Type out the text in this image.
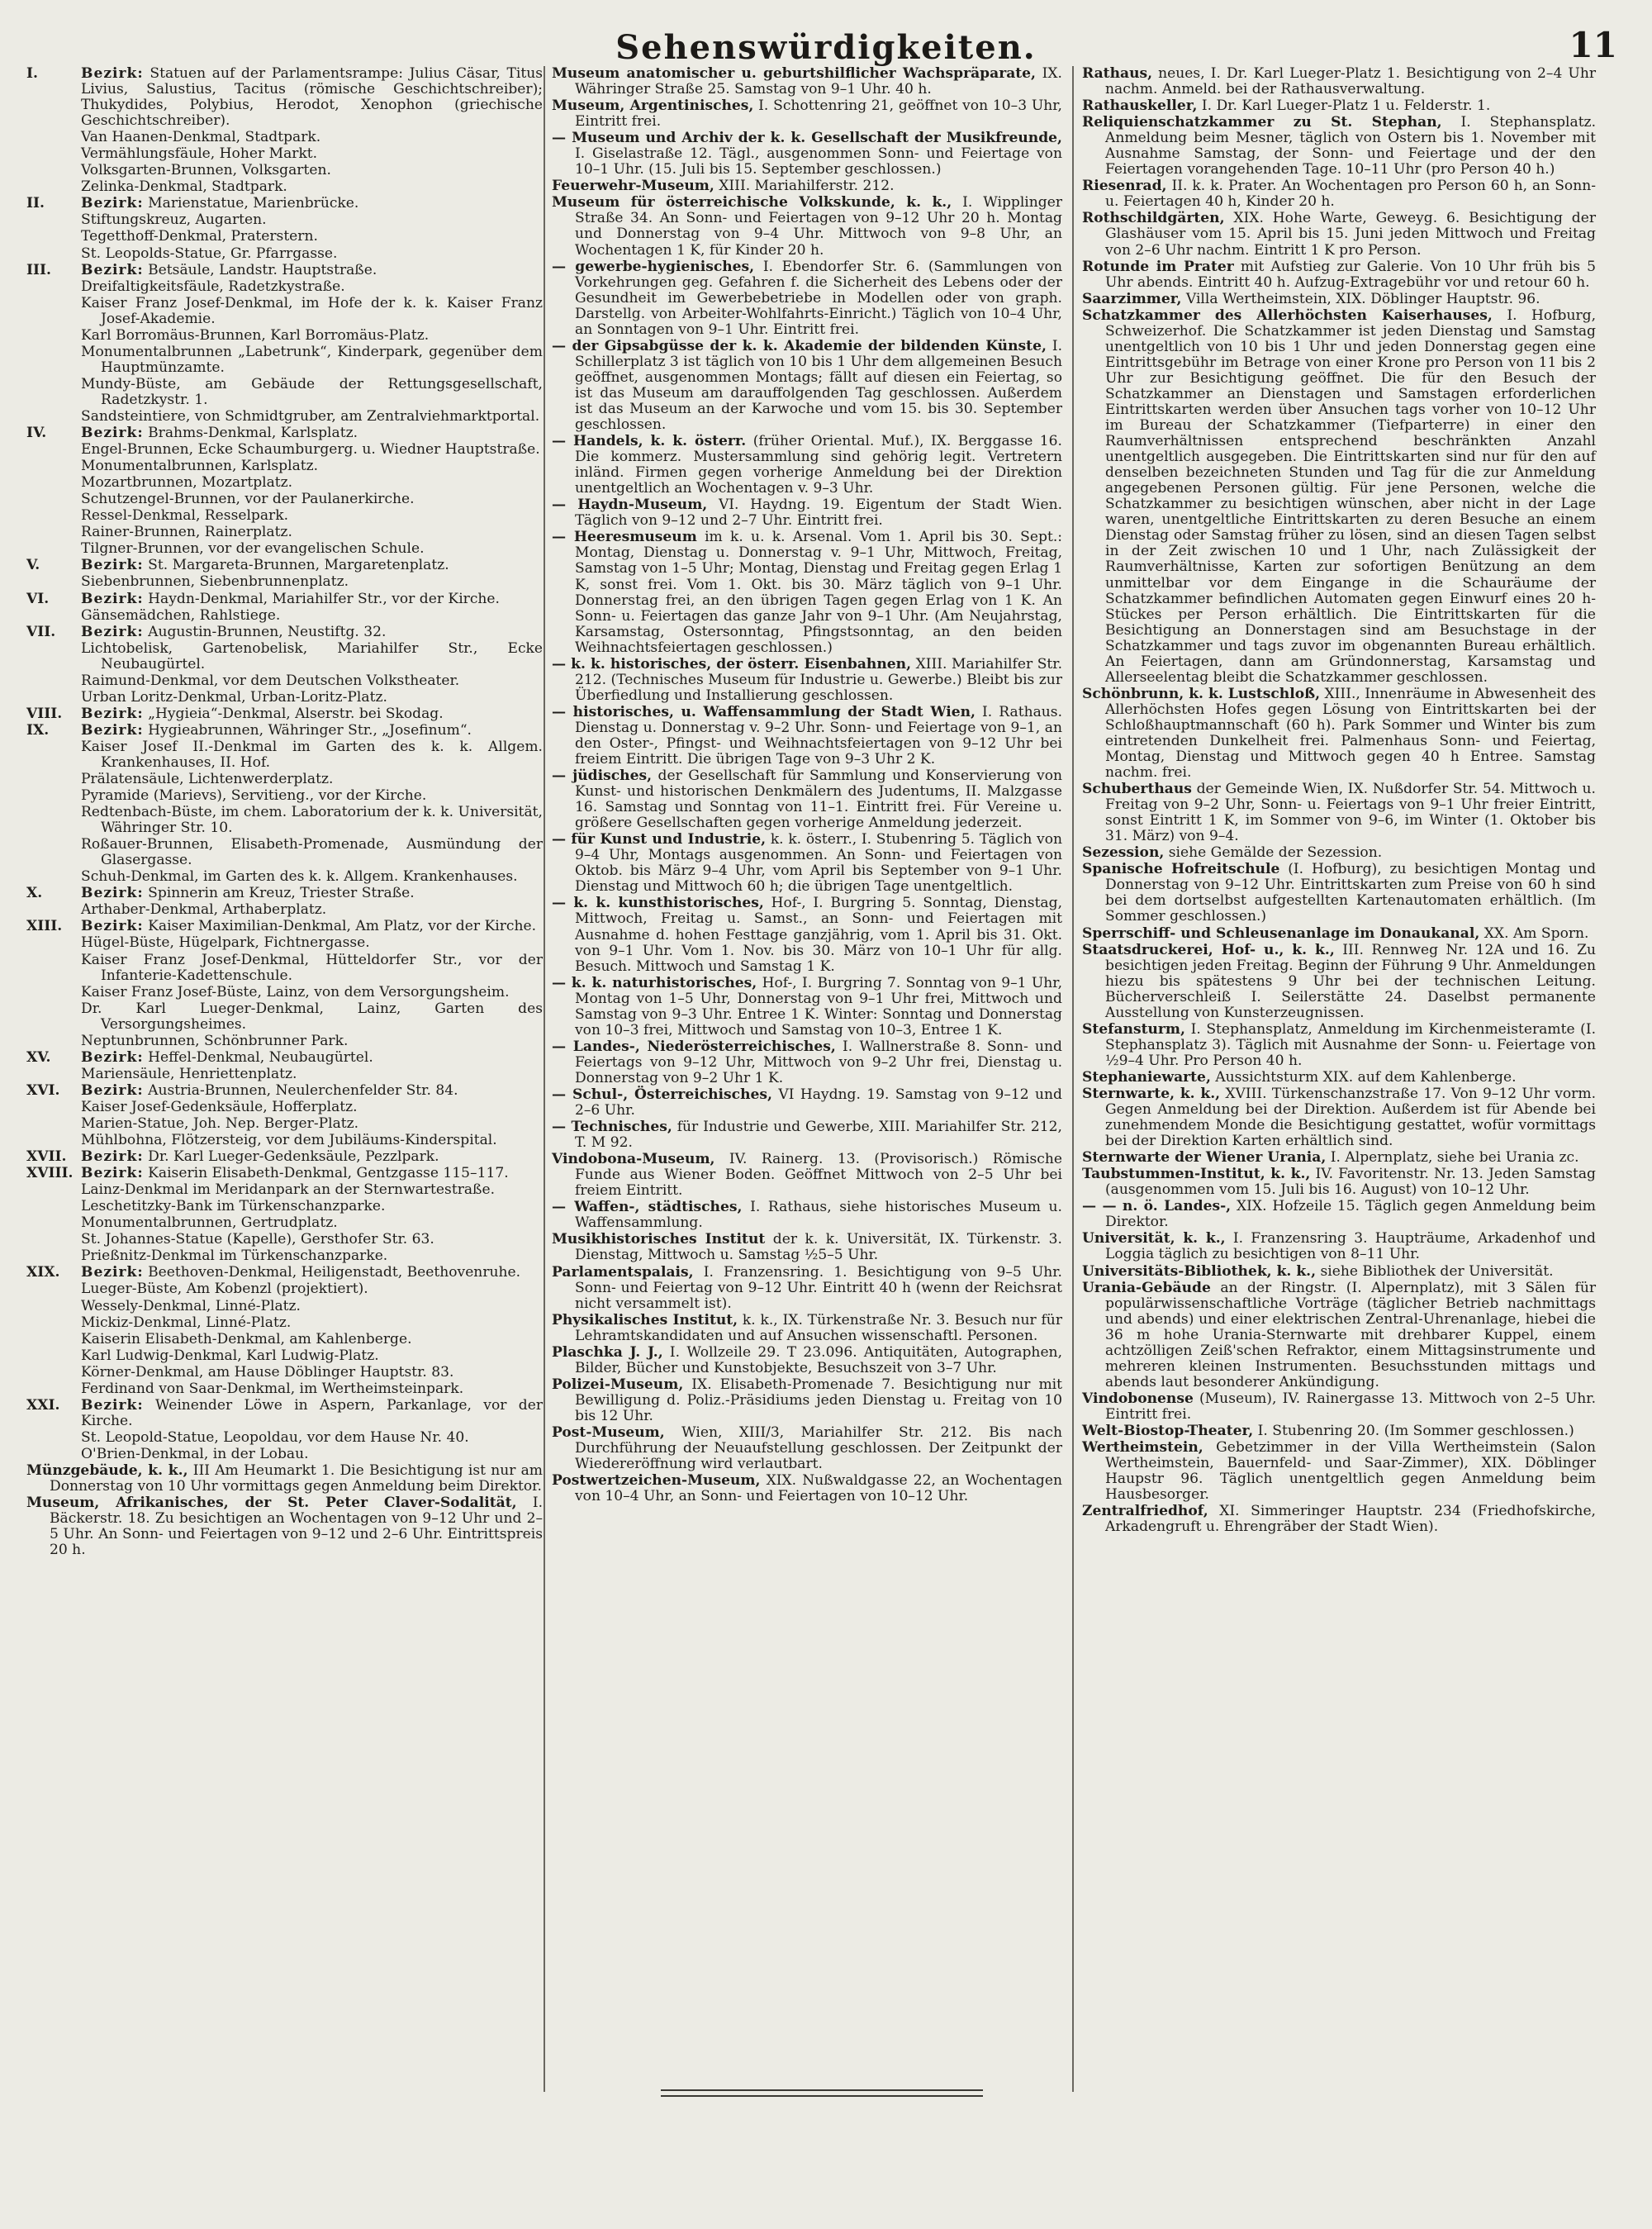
Sehenswürdigkeiten.	11
I.	Bezirk: Statuen auf der Parlamentsrampe: Julius Cäsar, Titus Livius, Salustius, Tacitus (römische Geschichtschreiber); Thukydides, Polybius, Herodot, Xenophon (griechische Geschichtschreiber).
Van Haanen-Denkmal, Stadtpark.
Vermählungsfäule, Hoher Markt.
Volksgarten-Brunnen, Volksgarten.
Zelinka-Denkmal, Stadtpark.
II.	Bezirk: Marienstatue, Marienbrücke.
Stiftungskreuz, Augarten.
Tegetthoff-Denkmal, Praterstern.
St. Leopolds-Statue, Gr. Pfarrgasse.
III. Bezirk: Betsäule, Landstr. Hauptstraße.
Dreifaltigkeitsfäule, Radetzkystraße.
Kaiser Franz Josef-Denkmal, im Hofe der k. k. Kaiser Franz Josef-Akademie.
Karl Borromäus-Brunnen, Karl Borromäus-Platz.
Monumentalbrunnen „Labetrunk“, Kinderpark, gegenüber dem Hauptmünzamte.
Mundy-Büste, am Gebäude der Rettungsgesellschaft, Radetzkystr. 1.
Sandsteintiere, von Schmidtgruber, am Zentralviehmarktportal.
IV. Bezirk: Brahms-Denkmal, Karlsplatz.
Engel-Brunnen, Ecke Schaumburgerg. u. Wiedner Hauptstraße.
Monumentalbrunnen, Karlsplatz.
Mozartbrunnen, Mozartplatz.
Schutzengel-Brunnen, vor der Paulanerkirche.
Ressel-Denkmal, Resselpark.
Rainer-Brunnen, Rainerplatz.
Tilgner-Brunnen, vor der evangelischen Schule.
V.	Bezirk: St. Margareta-Brunnen, Margaretenplatz.
Siebenbrunnen, Siebenbrunnenplatz.
VI. Bezirk: Haydn-Denkmal, Mariahilfer Str., vor der Kirche.
Gänsemädchen, Rahlstiege.
VII. Bezirk: Augustin-Brunnen, Neustiftg. 32.
Lichtobelisk, Gartenobelisk, Mariahilfer Str., Ecke Neubaugürtel.
Raimund-Denkmal, vor dem Deutschen Volkstheater.
Urban Loritz-Denkmal, Urban-Loritz-Platz.
VIII. Bezirk: „Hygieia“-Denkmal, Alserstr. bei Skodag.
IX. Bezirk: Hygieabrunnen, Währinger Str., „Josefinum“.
Kaiser Josef II.-Denkmal im Garten des k. k. Allgem. Krankenhauses, II. Hof.
Prälatensäule, Lichtenwerderplatz.
Pyramide (Marievs), Servitieng., vor der Kirche.
Redtenbach-Büste, im chem. Laboratorium der k. k. Universität, Währinger Str. 10.
Roßauer-Brunnen, Elisabeth-Promenade, Ausmündung der Glasergasse.
Schuh-Denkmal, im Garten des k. k. Allgem. Krankenhauses.
X.	Bezirk: Spinnerin am Kreuz, Triester Straße.
Arthaber-Denkmal, Arthaberplatz.
XIII. Bezirk: Kaiser Maximilian-Denkmal, Am Platz, vor der Kirche.
Hügel-Büste, Hügelpark, Fichtnergasse.
Kaiser Franz Josef-Denkmal, Hütteldorfer Str., vor der Infanterie-Kadettenschule.
Kaiser Franz Josef-Büste, Lainz, von dem Versorgungsheim.
Dr. Karl Lueger-Denkmal, Lainz, Garten des Versorgungsheimes.
Neptunbrunnen, Schönbrunner Park.
XV. Bezirk: Heffel-Denkmal, Neubaugürtel.
Mariensäule, Henriettenplatz.
XVI. Bezirk: Austria-Brunnen, Neulerchenfelder Str. 84.
Kaiser Josef-Gedenksäule, Hofferplatz.
Marien-Statue, Joh. Nep. Berger-Platz.
Mühlbohna, Flötzersteig, vor dem Jubiläums-Kinderspital.
XVII. Bezirk: Dr. Karl Lueger-Gedenksäule, Pezzlpark.
XVIII. Bezirk: Kaiserin Elisabeth-Denkmal, Gentzgasse 115–117.
Lainz-Denkmal im Meridanpark an der Sternwartestraße.
Leschetitzky-Bank im Türkenschanzparke.
Monumentalbrunnen, Gertrudplatz.
St. Johannes-Statue (Kapelle), Gersthofer Str. 63.
Prießnitz-Denkmal im Türkenschanzparke.
XIX. Bezirk: Beethoven-Denkmal, Heiligenstadt, Beethovenruhe.
Lueger-Büste, Am Kobenzl (projektiert).
Wessely-Denkmal, Linné-Platz.
Mickiz-Denkmal, Linné-Platz.
Kaiserin Elisabeth-Denkmal, am Kahlenberge.
Karl Ludwig-Denkmal, Karl Ludwig-Platz.
Körner-Denkmal, am Hause Döblinger Hauptstr. 83.
Ferdinand von Saar-Denkmal, im Wertheimsteinpark.
XXI. Bezirk: Weinender Löwe in Aspern, Parkanlage, vor der Kirche.
St. Leopold-Statue, Leopoldau, vor dem Hause Nr. 40.
O'Brien-Denkmal, in der Lobau.
Münzgebäude, k. k., III Am Heumarkt 1. Die Besichtigung ist nur am Donnerstag von 10 Uhr vormittags gegen Anmeldung beim Direktor.
Museum, Afrikanisches, der St. Peter Claver-Sodalität, I. Bäckerstr. 18. Zu besichtigen an Wochentagen von 9–12 Uhr und 2–5 Uhr. An Sonn- und Feiertagen von 9–12 und 2–6 Uhr. Eintrittspreis 20 h.
Museum anatomischer u. geburtshilflicher Wachspräparate, IX. Währinger Straße 25. Samstag von 9–1 Uhr. 40 h.
Museum, Argentinisches, I. Schottenring 21, geöffnet von 10–3 Uhr, Eintritt frei.
— Museum und Archiv der k. k. Gesellschaft der Musikfreunde, I. Giselastraße 12. Tägl., ausgenommen Sonn- und Feiertage von 10–1 Uhr. (15. Juli bis 15. September geschlossen.)
Feuerwehr-Museum, XIII. Mariahilferstr. 212.
Museum für österreichische Volkskunde, k. k., I. Wipplinger Straße 34. An Sonn- und Feiertagen von 9–12 Uhr 20 h. Montag und Donnerstag von 9–4 Uhr. Mittwoch von 9–8 Uhr, an Wochentagen 1 K, für Kinder 20 h.
— gewerbe-hygienisches, I. Ebendorfer Str. 6. (Sammlungen von Vorkehrungen geg. Gefahren f. die Sicherheit des Lebens oder der Gesundheit im Gewerbebetriebe in Modellen oder von graph. Darstellg. von Arbeiter-Wohlfahrts-Einricht.) Täglich von 10–4 Uhr, an Sonntagen von 9–1 Uhr. Eintritt frei.
— der Gipsabgüsse der k. k. Akademie der bildenden Künste, I. Schillerplatz 3 ist täglich von 10 bis 1 Uhr dem allgemeinen Besuch geöffnet, ausgenommen Montags; fällt auf diesen ein Feiertag, so ist das Museum am darauffolgenden Tag geschlossen. Außerdem ist das Museum an der Karwoche und vom 15. bis 30. September geschlossen.
— Handels, k. k. österr. (früher Oriental. Muf.), IX. Berggasse 16. Die kommerz. Mustersammlung sind gehörig legit. Vertretern inländ. Firmen gegen vorherige Anmeldung bei der Direktion unentgeltlich an Wochentagen v. 9–3 Uhr.
— Haydn-Museum, VI. Haydng. 19. Eigentum der Stadt Wien. Täglich von 9–12 und 2–7 Uhr. Eintritt frei.
— Heeresmuseum im k. u. k. Arsenal. Vom 1. April bis 30. Sept.: Montag, Dienstag u. Donnerstag v. 9–1 Uhr, Mittwoch, Freitag, Samstag von 1–5 Uhr; Montag, Dienstag und Freitag gegen Erlag 1 K, sonst frei. Vom 1. Okt. bis 30. März täglich von 9–1 Uhr. Donnerstag frei, an den übrigen Tagen gegen Erlag von 1 K. An Sonn- u. Feiertagen das ganze Jahr von 9–1 Uhr. (Am Neujahrstag, Karsamstag, Ostersonntag, Pfingstsonntag, an den beiden Weihnachtsfeiertagen geschlossen.)
— k. k. historisches, der österr. Eisenbahnen, XIII. Mariahilfer Str. 212. (Technisches Museum für Industrie u. Gewerbe.) Bleibt bis zur Überfiedlung und Installierung geschlossen.
— historisches, u. Waffensammlung der Stadt Wien, I. Rathaus. Dienstag u. Donnerstag v. 9–2 Uhr. Sonn- und Feiertage von 9–1, an den Oster-, Pfingst- und Weihnachtsfeiertagen von 9–12 Uhr bei freiem Eintritt. Die übrigen Tage von 9–3 Uhr 2 K.
— jüdisches, der Gesellschaft für Sammlung und Konservierung von Kunst- und historischen Denkmälern des Judentums, II. Malzgasse 16. Samstag und Sonntag von 11–1. Eintritt frei. Für Vereine u. größere Gesellschaften gegen vorherige Anmeldung jederzeit.
— für Kunst und Industrie, k. k. österr., I. Stubenring 5. Täglich von 9–4 Uhr, Montags ausgenommen. An Sonn- und Feiertagen von Oktob. bis März 9–4 Uhr, vom April bis September von 9–1 Uhr. Dienstag und Mittwoch 60 h; die übrigen Tage unentgeltlich.
— k. k. kunsthistorisches, Hof-, I. Burgring 5. Sonntag, Dienstag, Mittwoch, Freitag u. Samst., an Sonn- und Feiertagen mit Ausnahme d. hohen Festtage ganzjährig, vom 1. April bis 31. Okt. von 9–1 Uhr. Vom 1. Nov. bis 30. März von 10–1 Uhr für allg. Besuch. Mittwoch und Samstag 1 K.
— k. k. naturhistorisches, Hof-, I. Burgring 7. Sonntag von 9–1 Uhr, Montag von 1–5 Uhr, Donnerstag von 9–1 Uhr frei, Mittwoch und Samstag von 9–3 Uhr. Entree 1 K. Winter: Sonntag und Donnerstag von 10–3 frei, Mittwoch und Samstag von 10–3, Entree 1 K.
— Landes-, Niederösterreichisches, I. Wallnerstraße 8. Sonn- und Feiertags von 9–12 Uhr, Mittwoch von 9–2 Uhr frei, Dienstag u. Donnerstag von 9–2 Uhr 1 K.
— Schul-, Österreichisches, VI Haydng. 19. Samstag von 9–12 und 2–6 Uhr.
— Technisches, für Industrie und Gewerbe, XIII. Mariahilfer Str. 212, T. M 92.
Vindobona-Museum, IV. Rainerg. 13. (Provisorisch.) Römische Funde aus Wiener Boden. Geöffnet Mittwoch von 2–5 Uhr bei freiem Eintritt.
— Waffen-, städtisches, I. Rathaus, siehe historisches Museum u. Waffensammlung.
Musikhistorisches Institut der k. k. Universität, IX. Türkenstr. 3. Dienstag, Mittwoch u. Samstag ½5–5 Uhr.
Parlamentspalais, I. Franzensring. 1. Besichtigung von 9–5 Uhr. Sonn- und Feiertag von 9–12 Uhr. Eintritt 40 h (wenn der Reichsrat nicht versammelt ist).
Physikalisches Institut, k. k., IX. Türkenstraße Nr. 3. Besuch nur für Lehramtskandidaten und auf Ansuchen wissenschaftl. Personen.
Plaschka J. J., I. Wollzeile 29. T 23.096. Antiquitäten, Autographen, Bilder, Bücher und Kunstobjekte, Besuchszeit von 3–7 Uhr.
Polizei-Museum, IX. Elisabeth-Promenade 7. Besichtigung nur mit Bewilligung d. Poliz.-Präsidiums jeden Dienstag u. Freitag von 10 bis 12 Uhr.
Post-Museum, Wien, XIII/3, Mariahilfer Str. 212. Bis nach Durchführung der Neuaufstellung geschlossen. Der Zeitpunkt der Wiedereröffnung wird verlautbart.
Postwertzeichen-Museum, XIX. Nußwaldgasse 22, an Wochentagen von 10–4 Uhr, an Sonn- und Feiertagen von 10–12 Uhr.
Rathaus, neues, I. Dr. Karl Lueger-Platz 1. Besichtigung von 2–4 Uhr nachm. Anmeld. bei der Rathausverwaltung.
Rathauskeller, I. Dr. Karl Lueger-Platz 1 u. Felderstr. 1.
Reliquienschatzkammer zu St. Stephan, I. Stephansplatz. Anmeldung beim Mesner, täglich von Ostern bis 1. November mit Ausnahme Samstag, der Sonn- und Feiertage und der den Feiertagen vorangehenden Tage. 10–11 Uhr (pro Person 40 h.)
Riesenrad, II. k. k. Prater. An Wochentagen pro Person 60 h, an Sonn- u. Feiertagen 40 h, Kinder 20 h.
Rothschildgärten, XIX. Hohe Warte, Geweyg. 6. Besichtigung der Glashäuser vom 15. April bis 15. Juni jeden Mittwoch und Freitag von 2–6 Uhr nachm. Eintritt 1 K pro Person.
Rotunde im Prater mit Aufstieg zur Galerie. Von 10 Uhr früh bis 5 Uhr abends. Eintritt 40 h. Aufzug-Extragebühr vor und retour 60 h.
Saarzimmer, Villa Wertheimstein, XIX. Döblinger Hauptstr. 96.
Schatzkammer des Allerhöchsten Kaiserhauses, I. Hofburg, Schweizerhof. Die Schatzkammer ist jeden Dienstag und Samstag unentgeltlich von 10 bis 1 Uhr und jeden Donnerstag gegen eine Eintrittsgebühr im Betrage von einer Krone pro Person von 11 bis 2 Uhr zur Besichtigung geöffnet. Die für den Besuch der Schatzkammer an Dienstagen und Samstagen erforderlichen Eintrittskarten werden über Ansuchen tags vorher von 10–12 Uhr im Bureau der Schatzkammer (Tiefparterre) in einer den Raumverhältnissen entsprechend beschränkten Anzahl unentgeltlich ausgegeben. Die Eintrittskarten sind nur für den auf denselben bezeichneten Stunden und Tag für die zur Anmeldung angegebenen Personen gültig. Für jene Personen, welche die Schatzkammer zu besichtigen wünschen, aber nicht in der Lage waren, unentgeltliche Eintrittskarten zu deren Besuche an einem Dienstag oder Samstag früher zu lösen, sind an diesen Tagen selbst in der Zeit zwischen 10 und 1 Uhr, nach Zulässigkeit der Raumverhältnisse, Karten zur sofortigen Benützung an dem unmittelbar vor dem Eingange in die Schauräume der Schatzkammer befindlichen Automaten gegen Einwurf eines 20 h-Stückes per Person erhältlich. Die Eintrittskarten für die Besichtigung an Donnerstagen sind am Besuchstage in der Schatzkammer und tags zuvor im obgenannten Bureau erhältlich. An Feiertagen, dann am Gründonnerstag, Karsamstag und Allerseelentag bleibt die Schatzkammer geschlossen.
Schönbrunn, k. k. Lustschloß, XIII., Innenräume in Abwesenheit des Allerhöchsten Hofes gegen Lösung von Eintrittskarten bei der Schloßhauptmannschaft (60 h). Park Sommer und Winter bis zum eintretenden Dunkelheit frei. Palmenhaus Sonn- und Feiertag, Montag, Dienstag und Mittwoch gegen 40 h Entree. Samstag nachm. frei.
Schuberthaus der Gemeinde Wien, IX. Nußdorfer Str. 54. Mittwoch u. Freitag von 9–2 Uhr, Sonn- u. Feiertags von 9–1 Uhr freier Eintritt, sonst Eintritt 1 K, im Sommer von 9–6, im Winter (1. Oktober bis 31. März) von 9–4.
Sezession, siehe Gemälde der Sezession.
Spanische Hofreitschule (I. Hofburg), zu besichtigen Montag und Donnerstag von 9–12 Uhr. Eintrittskarten zum Preise von 60 h sind bei dem dortselbst aufgestellten Kartenautomaten erhältlich. (Im Sommer geschlossen.)
Sperrschiff- und Schleusenanlage im Donaukanal, XX. Am Sporn.
Staatsdruckerei, Hof- u., k. k., III. Rennweg Nr. 12A und 16. Zu besichtigen jeden Freitag. Beginn der Führung 9 Uhr. Anmeldungen hiezu bis spätestens 9 Uhr bei der technischen Leitung. Bücherverschleiß I. Seilerstätte 24. Daselbst permanente Ausstellung von Kunsterzeugnissen.
Stefansturm, I. Stephansplatz, Anmeldung im Kirchenmeisteramte (I. Stephansplatz 3). Täglich mit Ausnahme der Sonn- u. Feiertage von ½9–4 Uhr. Pro Person 40 h.
Stephaniewarte, Aussichtsturm XIX. auf dem Kahlenberge.
Sternwarte, k. k., XVIII. Türkenschanzstraße 17. Von 9–12 Uhr vorm. Gegen Anmeldung bei der Direktion. Außerdem ist für Abende bei zunehmendem Monde die Besichtigung gestattet, wofür vormittags bei der Direktion Karten erhältlich sind.
Sternwarte der Wiener Urania, I. Alpernplatz, siehe bei Urania zc.
Taubstummen-Institut, k. k., IV. Favoritenstr. Nr. 13. Jeden Samstag (ausgenommen vom 15. Juli bis 16. August) von 10–12 Uhr.
— — n. ö. Landes-, XIX. Hofzeile 15. Täglich gegen Anmeldung beim Direktor.
Universität, k. k., I. Franzensring 3. Haupträume, Arkadenhof und Loggia täglich zu besichtigen von 8–11 Uhr.
Universitäts-Bibliothek, k. k., siehe Bibliothek der Universität.
Urania-Gebäude an der Ringstr. (I. Alpernplatz), mit 3 Sälen für populärwissenschaftliche Vorträge (täglicher Betrieb nachmittags und abends) und einer elektrischen Zentral-Uhrenanlage, hiebei die 36 m hohe Urania-Sternwarte mit drehbarer Kuppel, einem achtzölligen Zeiß'schen Refraktor, einem Mittagsinstrumente und mehreren kleinen Instrumenten. Besuchsstunden mittags und abends laut besonderer Ankündigung.
Vindobonense (Museum), IV. Rainergasse 13. Mittwoch von 2–5 Uhr. Eintritt frei.
Welt-Biostop-Theater, I. Stubenring 20. (Im Sommer geschlossen.)
Wertheimstein, Gebetzimmer in der Villa Wertheimstein (Salon Wertheimstein, Bauernfeld- und Saar-Zimmer), XIX. Döblinger Haupstr 96. Täglich unentgeltlich gegen Anmeldung beim Hausbesorger.
Zentralfriedhof, XI. Simmeringer Hauptstr. 234 (Friedhofskirche, Arkadengruft u. Ehrengräber der Stadt Wien).
